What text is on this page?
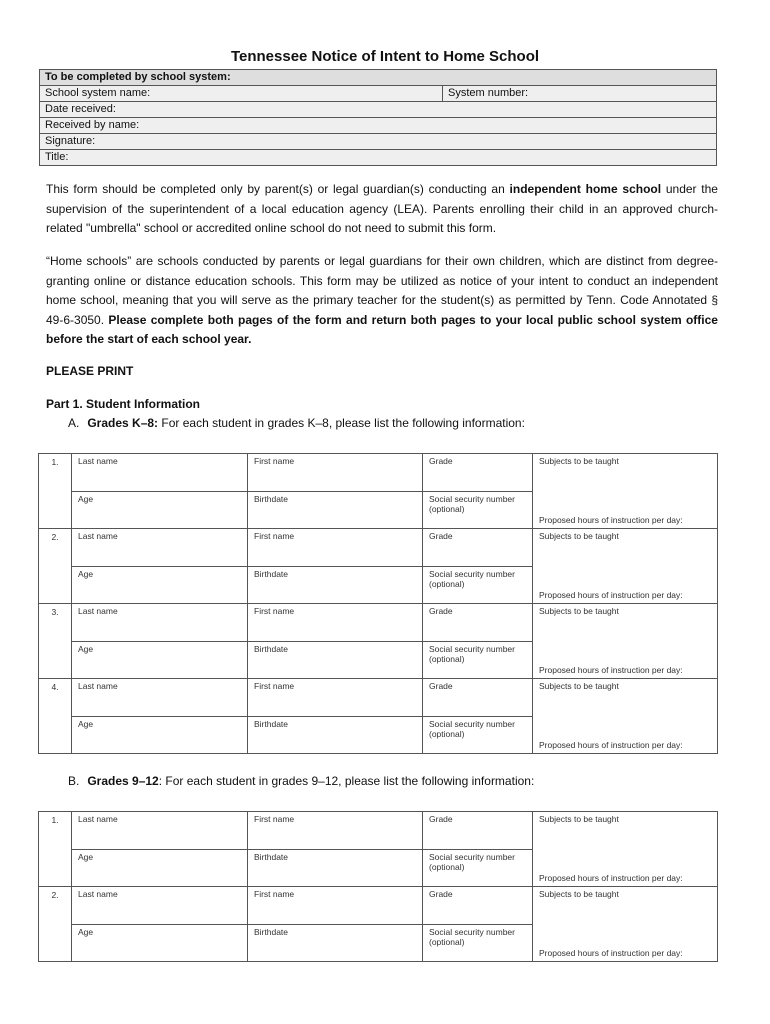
Tennessee Notice of Intent to Home School
To be completed by school system:
School system name:	System number:
Date received:
Received by name:
Signature:
Title:
This form should be completed only by parent(s) or legal guardian(s) conducting an independent home school under the supervision of the superintendent of a local education agency (LEA). Parents enrolling their child in an approved church-related "umbrella" school or accredited online school do not need to submit this form.
“Home schools” are schools conducted by parents or legal guardians for their own children, which are distinct from degree-granting online or distance education schools. This form may be utilized as notice of your intent to conduct an independent home school, meaning that you will serve as the primary teacher for the student(s) as permitted by Tenn. Code Annotated § 49-6-3050. Please complete both pages of the form and return both pages to your local public school system office before the start of each school year.
PLEASE PRINT
Part 1. Student Information
A. Grades K–8: For each student in grades K–8, please list the following information:
1.	Last name	First name	Grade	Subjects to be taught
Proposed hours of instruction per day:

	Age	Birthdate	Social security number (optional)	
2.	Last name	First name	Grade	Subjects to be taught
Proposed hours of instruction per day:

	Age	Birthdate	Social security number (optional)	
3.	Last name	First name	Grade	Subjects to be taught
Proposed hours of instruction per day:

	Age	Birthdate	Social security number (optional)	
4.	Last name	First name	Grade	Subjects to be taught
Proposed hours of instruction per day:

	Age	Birthdate	Social security number (optional)	
B. Grades 9–12: For each student in grades 9–12, please list the following information:
1.	Last name	First name	Grade	Subjects to be taught
Proposed hours of instruction per day:

	Age	Birthdate	Social security number (optional)	
2.	Last name	First name	Grade	Subjects to be taught
Proposed hours of instruction per day:

	Age	Birthdate	Social security number (optional)	
